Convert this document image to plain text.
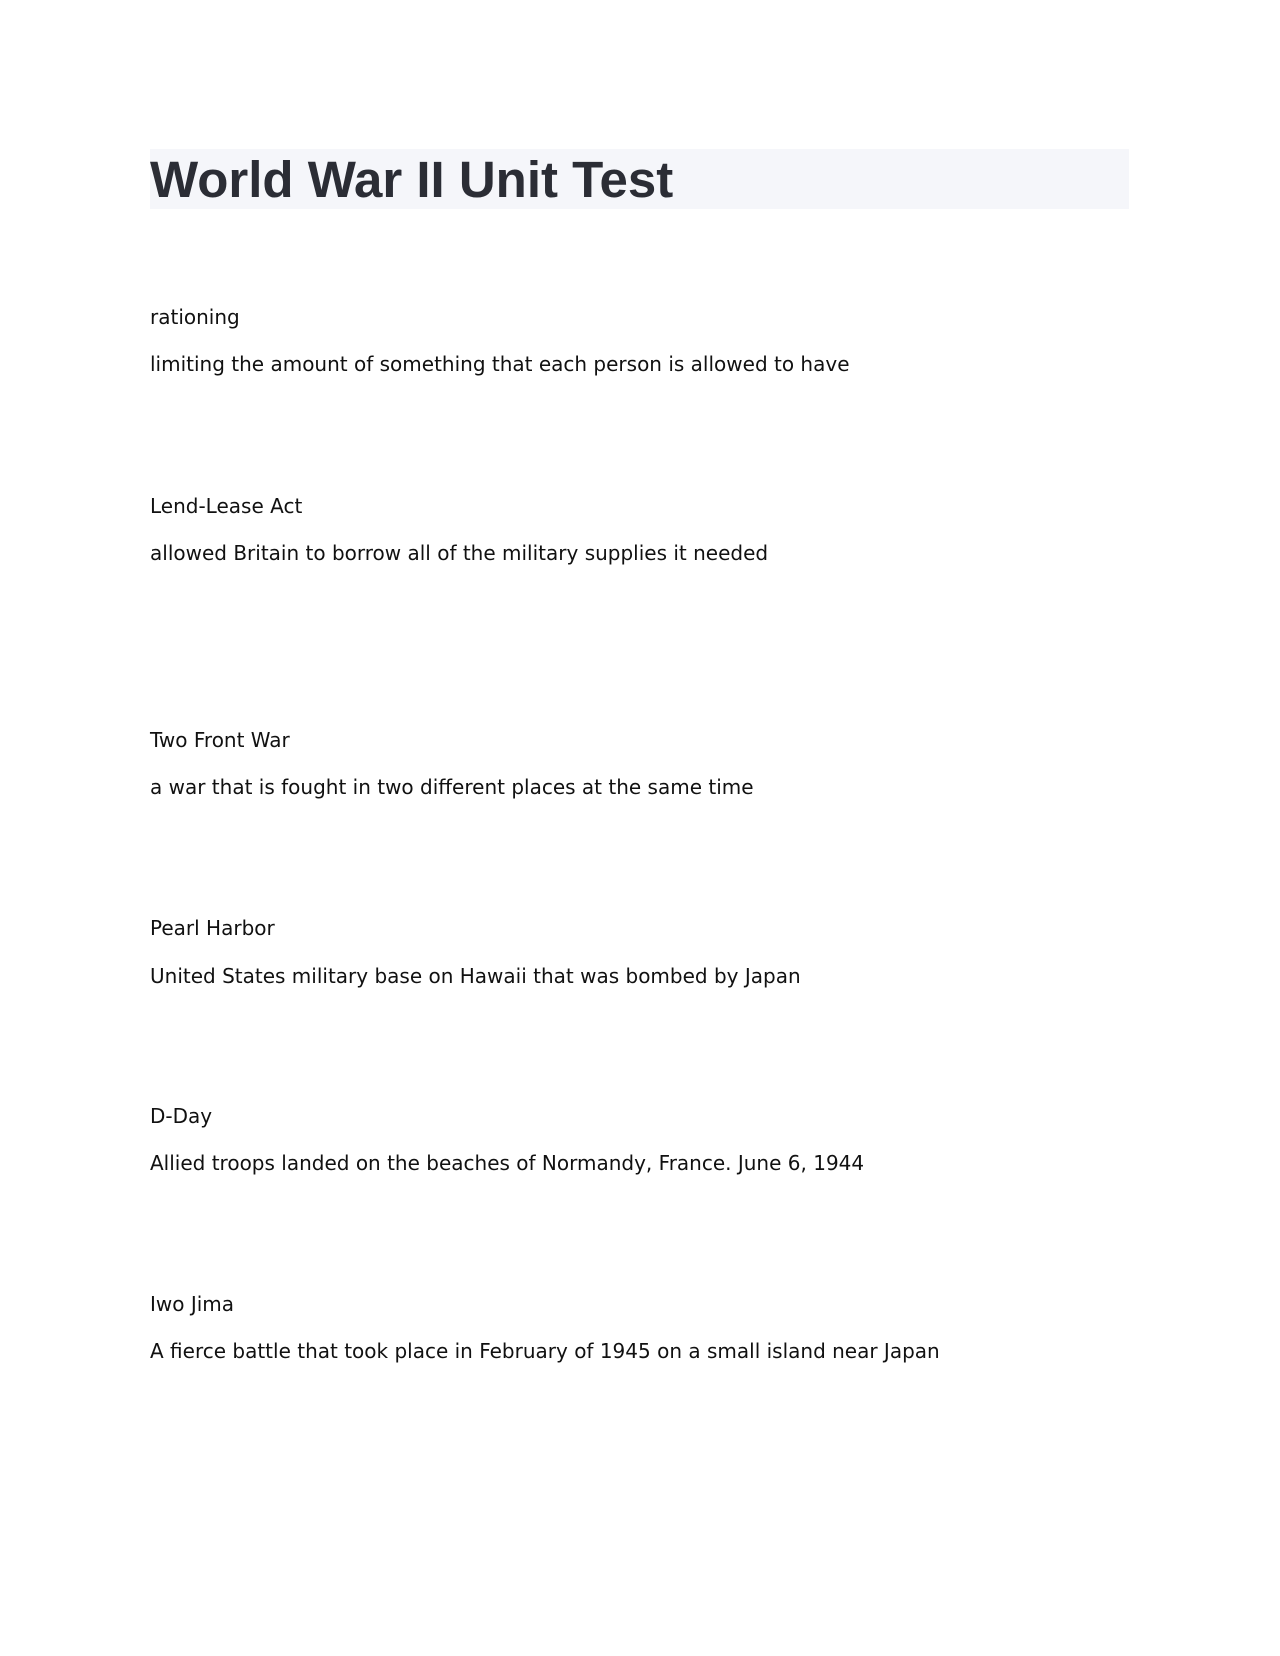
World War II Unit Test

rationing

limiting the amount of something that each person is allowed to have

Lend-Lease Act

allowed Britain to borrow all of the military supplies it needed

Two Front War

a war that is fought in two different places at the same time

Pearl Harbor

United States military base on Hawaii that was bombed by Japan

D-Day

Allied troops landed on the beaches of Normandy, France. June 6, 1944

Iwo Jima

A fierce battle that took place in February of 1945 on a small island near Japan
